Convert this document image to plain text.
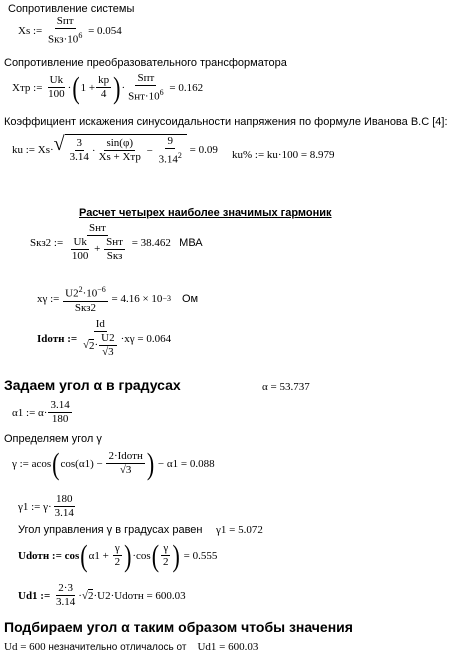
Сопротивление системы
Xs :=
$\frac{\text{Sпт}}{Sкз\cdot 10^6}$
= 0.054
Сопротивление преобразовательного трансформатора
Xтр :=
$\frac{Uk}{100}$ · ( $1 + \frac{kp}{4}$ ) · $\frac{\text{Sпт}}{Sнт\cdot 10^6}$
= 0.162
Коэффициент искажения синусоидальности напряжения по формуле Иванова В.С [4]:
ku := Xs· √ $\frac{3}{3.14} \cdot \frac{\sin(\varphi)}{\text{Xs + Xтр}}$
−
$\frac{9}{3.14^2}$
= 0.09 ku% := ku·100 = 8.979
Расчет четырех наиболее значимых гармоник
Sкз2 :=
Sнт
$\frac{Uk}{100}$
+
$\frac{\text{Sнт}}{\text{Sкз}}$
= 38.462
МВА
xγ :=
$\frac{U2^2\cdot 10^{-6}}{\text{Sкз2}}$
= 4.16 × 10 −3
Ом
Idотн :=
$\frac{Id}{√ 2 \cdot \frac{U2}{√3}} \cdot x\gamma$
= 0.064
Задаем угол α в градусах	α = 53.737
α1 := $\alpha\cdot \frac{3.14}{180}$
Определяем угол γ
γ := acos ( cos(α1) −
$\frac{\text{2·Idотн}}{√3}$ )
− α1 = 0.088
γ1 := $\gamma\cdot \frac{180}{3.14}$
Угол управления γ в градусах равен γ1 = 5.072
Udотн := cos ( α1 +
$\frac{\gamma}{2}$ ) ·cos ( $\frac{\gamma}{2}$ )
= 0.555
Ud1 :=
$\frac{2\cdot 3}{3.14}$ · √ 2 ·U2·Udотн = 600.03
Подбираем угол α таким образом чтобы значения
Ud = 600 незначительно отличалось от Ud1 = 600.03
